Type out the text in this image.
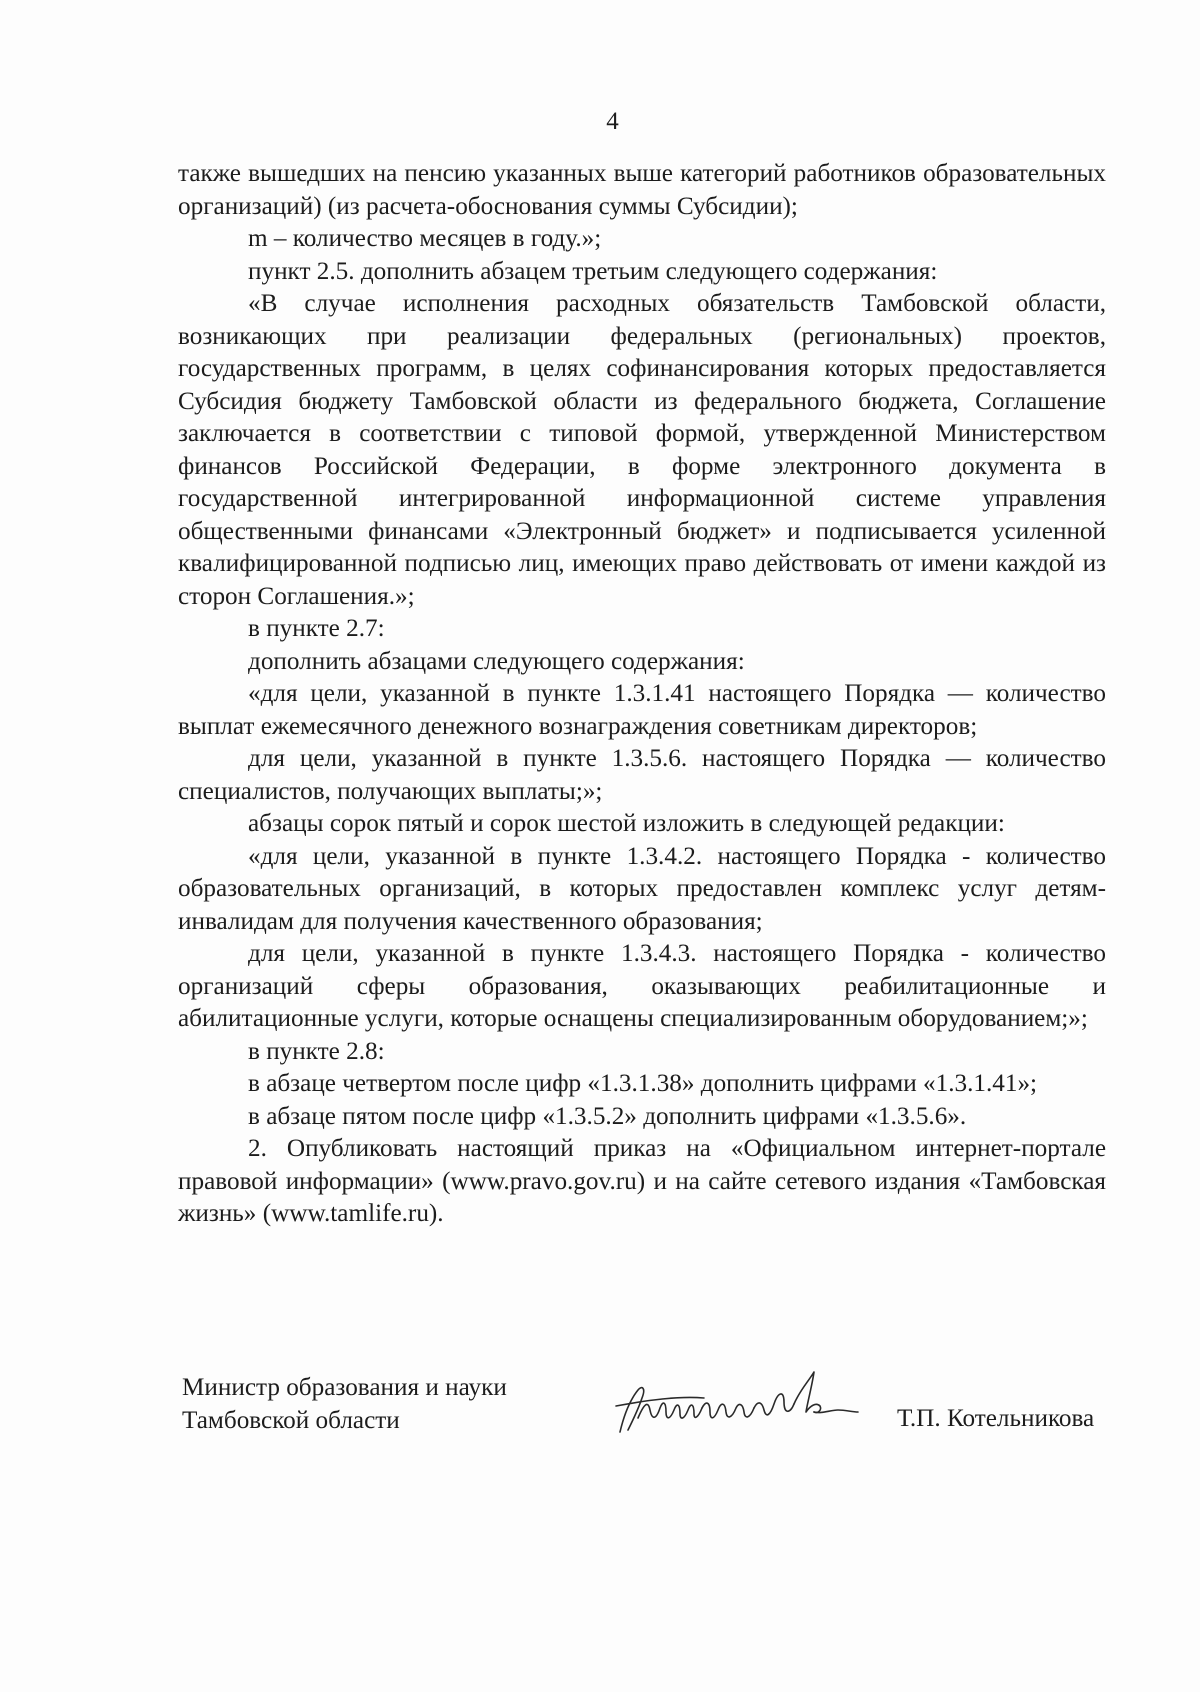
4

также вышедших на пенсию указанных выше категорий работников образовательных организаций) (из расчета-обоснования суммы Субсидии);

m – количество месяцев в году.»;

пункт 2.5. дополнить абзацем третьим следующего содержания:

«В случае исполнения расходных обязательств Тамбовской области, возникающих при реализации федеральных (региональных) проектов, государственных программ, в целях софинансирования которых предоставляется Субсидия бюджету Тамбовской области из федерального бюджета, Соглашение заключается в соответствии с типовой формой, утвержденной Министерством финансов Российской Федерации, в форме электронного документа в государственной интегрированной информационной системе управления общественными финансами «Электронный бюджет» и подписывается усиленной квалифицированной подписью лиц, имеющих право действовать от имени каждой из сторон Соглашения.»;

в пункте 2.7:

дополнить абзацами следующего содержания:

«для цели, указанной в пункте 1.3.1.41 настоящего Порядка — количество выплат ежемесячного денежного вознаграждения советникам директоров;

для цели, указанной в пункте 1.3.5.6. настоящего Порядка — количество специалистов, получающих выплаты;»;

абзацы сорок пятый и сорок шестой изложить в следующей редакции:

«для цели, указанной в пункте 1.3.4.2. настоящего Порядка - количество образовательных организаций, в которых предоставлен комплекс услуг детям-инвалидам для получения качественного образования;

для цели, указанной в пункте 1.3.4.3. настоящего Порядка - количество организаций сферы образования, оказывающих реабилитационные и абилитационные услуги, которые оснащены специализированным оборудованием;»;

в пункте 2.8:

в абзаце четвертом после цифр «1.3.1.38» дополнить цифрами «1.3.1.41»;

в абзаце пятом после цифр «1.3.5.2» дополнить цифрами «1.3.5.6».

2. Опубликовать настоящий приказ на «Официальном интернет-портале правовой информации» (www.pravo.gov.ru) и на сайте сетевого издания «Тамбовская жизнь» (www.tamlife.ru).

Министр образования и науки
Тамбовской области	Т.П. Котельникова
